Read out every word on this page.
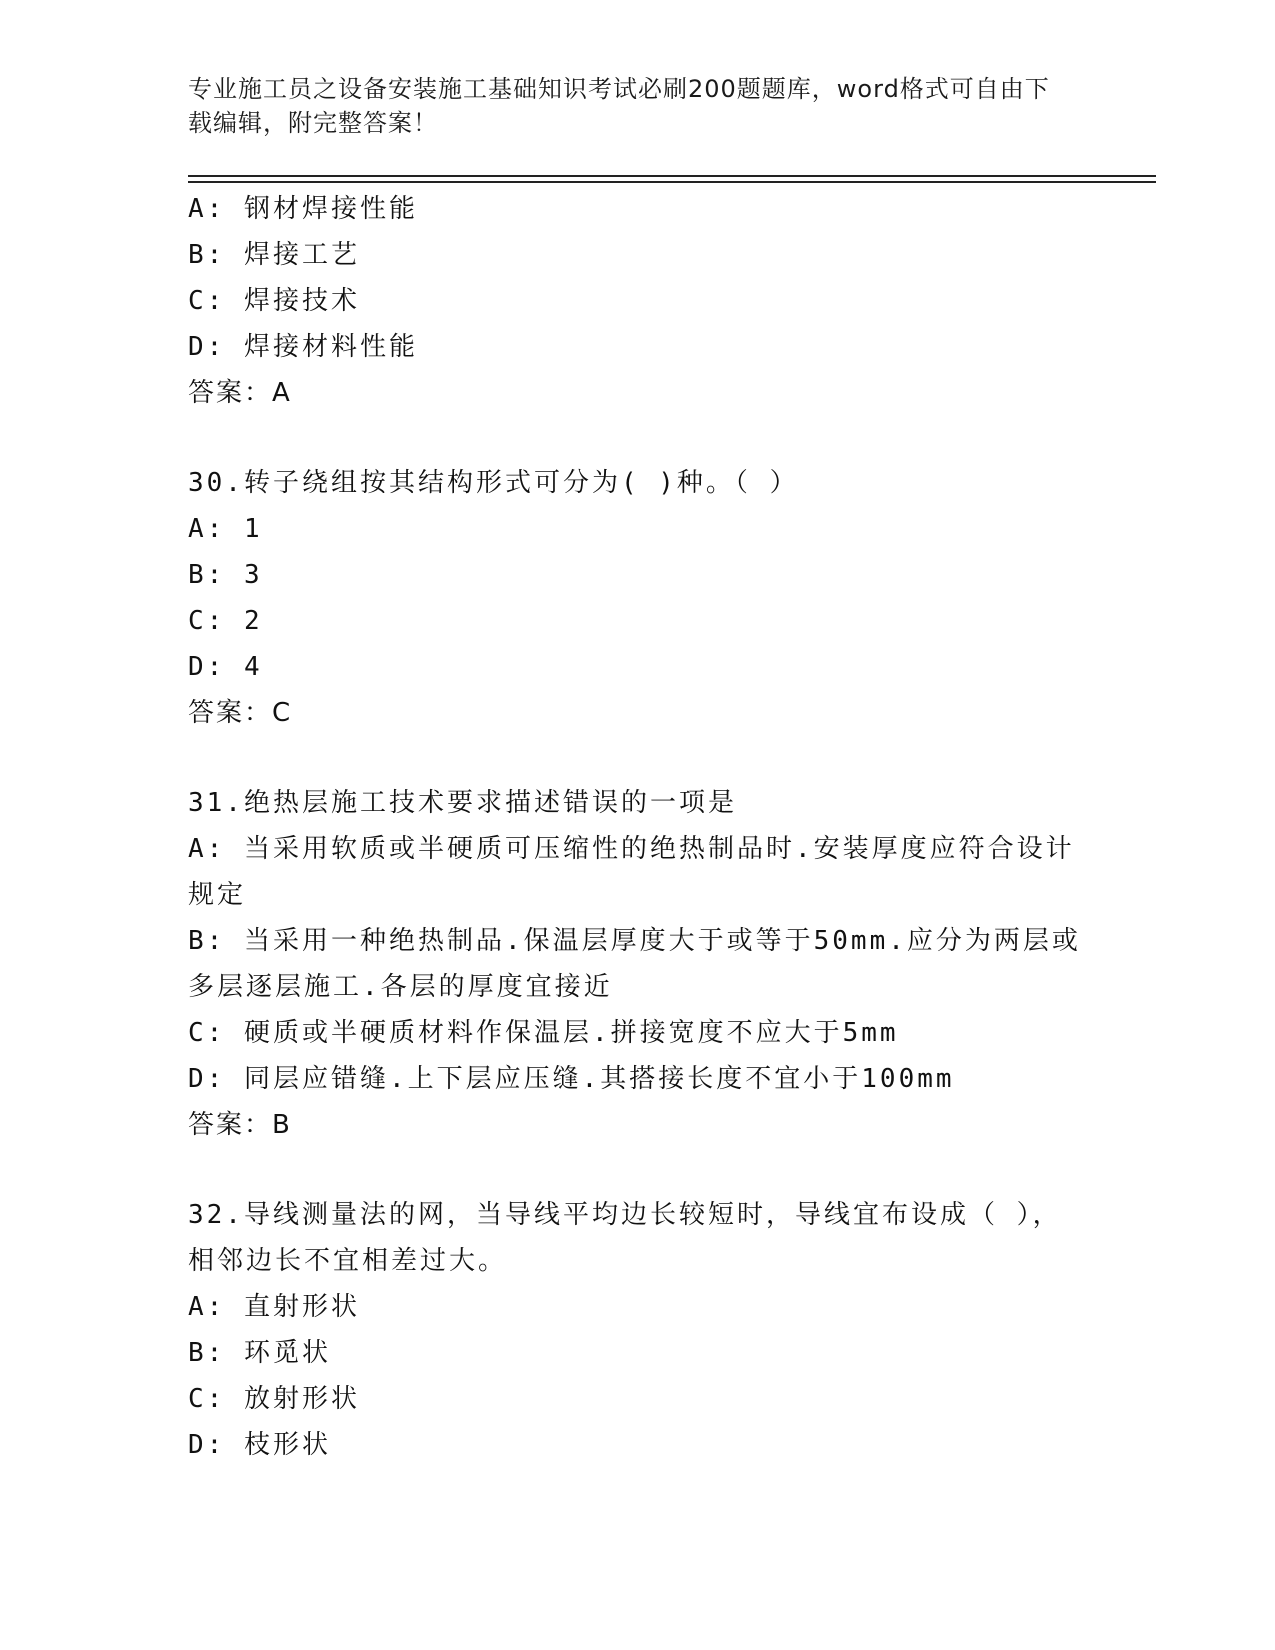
专业施工员之设备安装施工基础知识考试必刷200题题库，word格式可自由下载编辑，附完整答案！
A: 钢材焊接性能
B: 焊接工艺
C: 焊接技术
D: 焊接材料性能
答案：A
30.转子绕组按其结构形式可分为( )种。（ ）
A: 1
B: 3
C: 2
D: 4
答案：C
31.绝热层施工技术要求描述错误的一项是
A: 当采用软质或半硬质可压缩性的绝热制品时.安装厚度应符合设计规定
B: 当采用一种绝热制品.保温层厚度大于或等于50mm.应分为两层或多层逐层施工.各层的厚度宜接近
C: 硬质或半硬质材料作保温层.拼接宽度不应大于5mm
D: 同层应错缝.上下层应压缝.其搭接长度不宜小于100mm
答案：B
32.导线测量法的网，当导线平均边长较短时，导线宜布设成（ ），相邻边长不宜相差过大。
A: 直射形状
B: 环觅状
C: 放射形状
D: 枝形状
